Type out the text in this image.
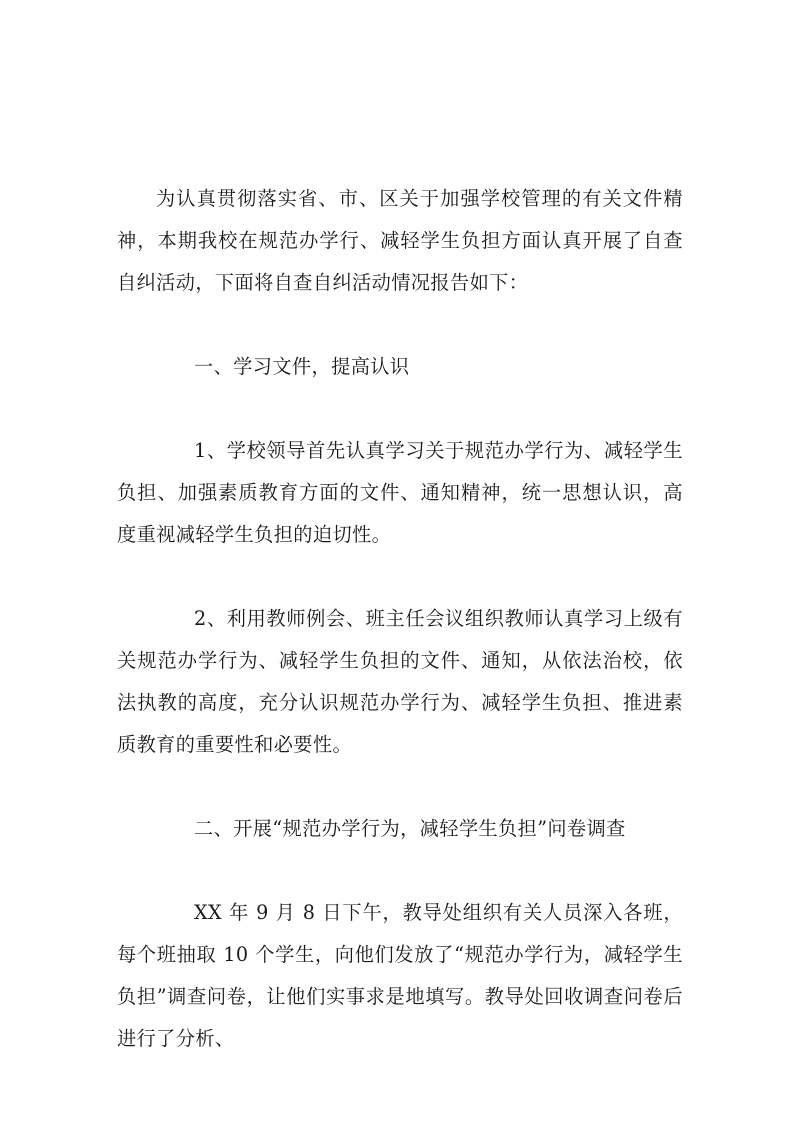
为认真贯彻落实省、市、区关于加强学校管理的有关文件精神，本期我校在规范办学行、减轻学生负担方面认真开展了自查自纠活动，下面将自查自纠活动情况报告如下：

一、学习文件，提高认识

1、学校领导首先认真学习关于规范办学行为、减轻学生负担、加强素质教育方面的文件、通知精神，统一思想认识，高度重视减轻学生负担的迫切性。

2、利用教师例会、班主任会议组织教师认真学习上级有关规范办学行为、减轻学生负担的文件、通知，从依法治校，依法执教的高度，充分认识规范办学行为、减轻学生负担、推进素质教育的重要性和必要性。

二、开展“规范办学行为，减轻学生负担”问卷调查

XX 年 9 月 8 日下午，教导处组织有关人员深入各班，每个班抽取 10 个学生，向他们发放了“规范办学行为，减轻学生负担”调查问卷，让他们实事求是地填写。教导处回收调查问卷后进行了分析、
